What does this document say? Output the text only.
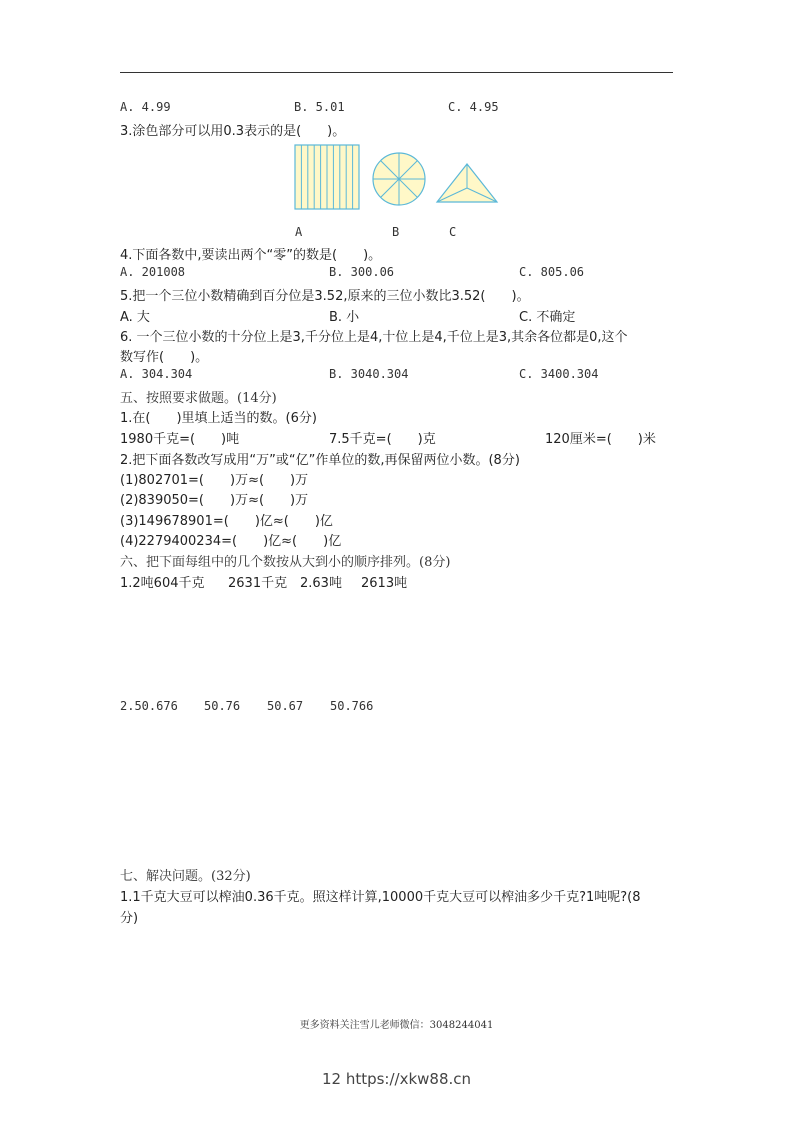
A. 4.99	B. 5.01	C. 4.95
3.涂色部分可以用0.3表示的是(　　)。
A	B	C
4.下面各数中,要读出两个“零”的数是(　　)。
A. 201008	B. 300.06	C. 805.06
5.把一个三位小数精确到百分位是3.52,原来的三位小数比3.52(　　)。
A. 大	B. 小	C. 不确定
6. 一个三位小数的十分位上是3,千分位上是4,十位上是4,千位上是3,其余各位都是0,这个
数写作(　　)。
A. 304.304	B. 3040.304	C. 3400.304
五、按照要求做题。(14分)
1.在(　　)里填上适当的数。(6分)
1980千克=(　　)吨	7.5千克=(　　)克	120厘米=(　　)米
2.把下面各数改写成用“万”或“亿”作单位的数,再保留两位小数。(8分)
(1)802701=(　　)万≈(　　)万
(2)839050=(　　)万≈(　　)万
(3)149678901=(　　)亿≈(　　)亿
(4)2279400234=(　　)亿≈(　　)亿
六、把下面每组中的几个数按从大到小的顺序排列。(8分)
1.2吨604千克 2631千克 2.63吨 2613吨
2.50.676 50.76 50.67 50.766
七、解决问题。(32分)
1.1千克大豆可以榨油0.36千克。照这样计算,10000千克大豆可以榨油多少千克?1吨呢?(8
分)
更多资料关注雪儿老师微信：3048244041
12 https://xkw88.cn
